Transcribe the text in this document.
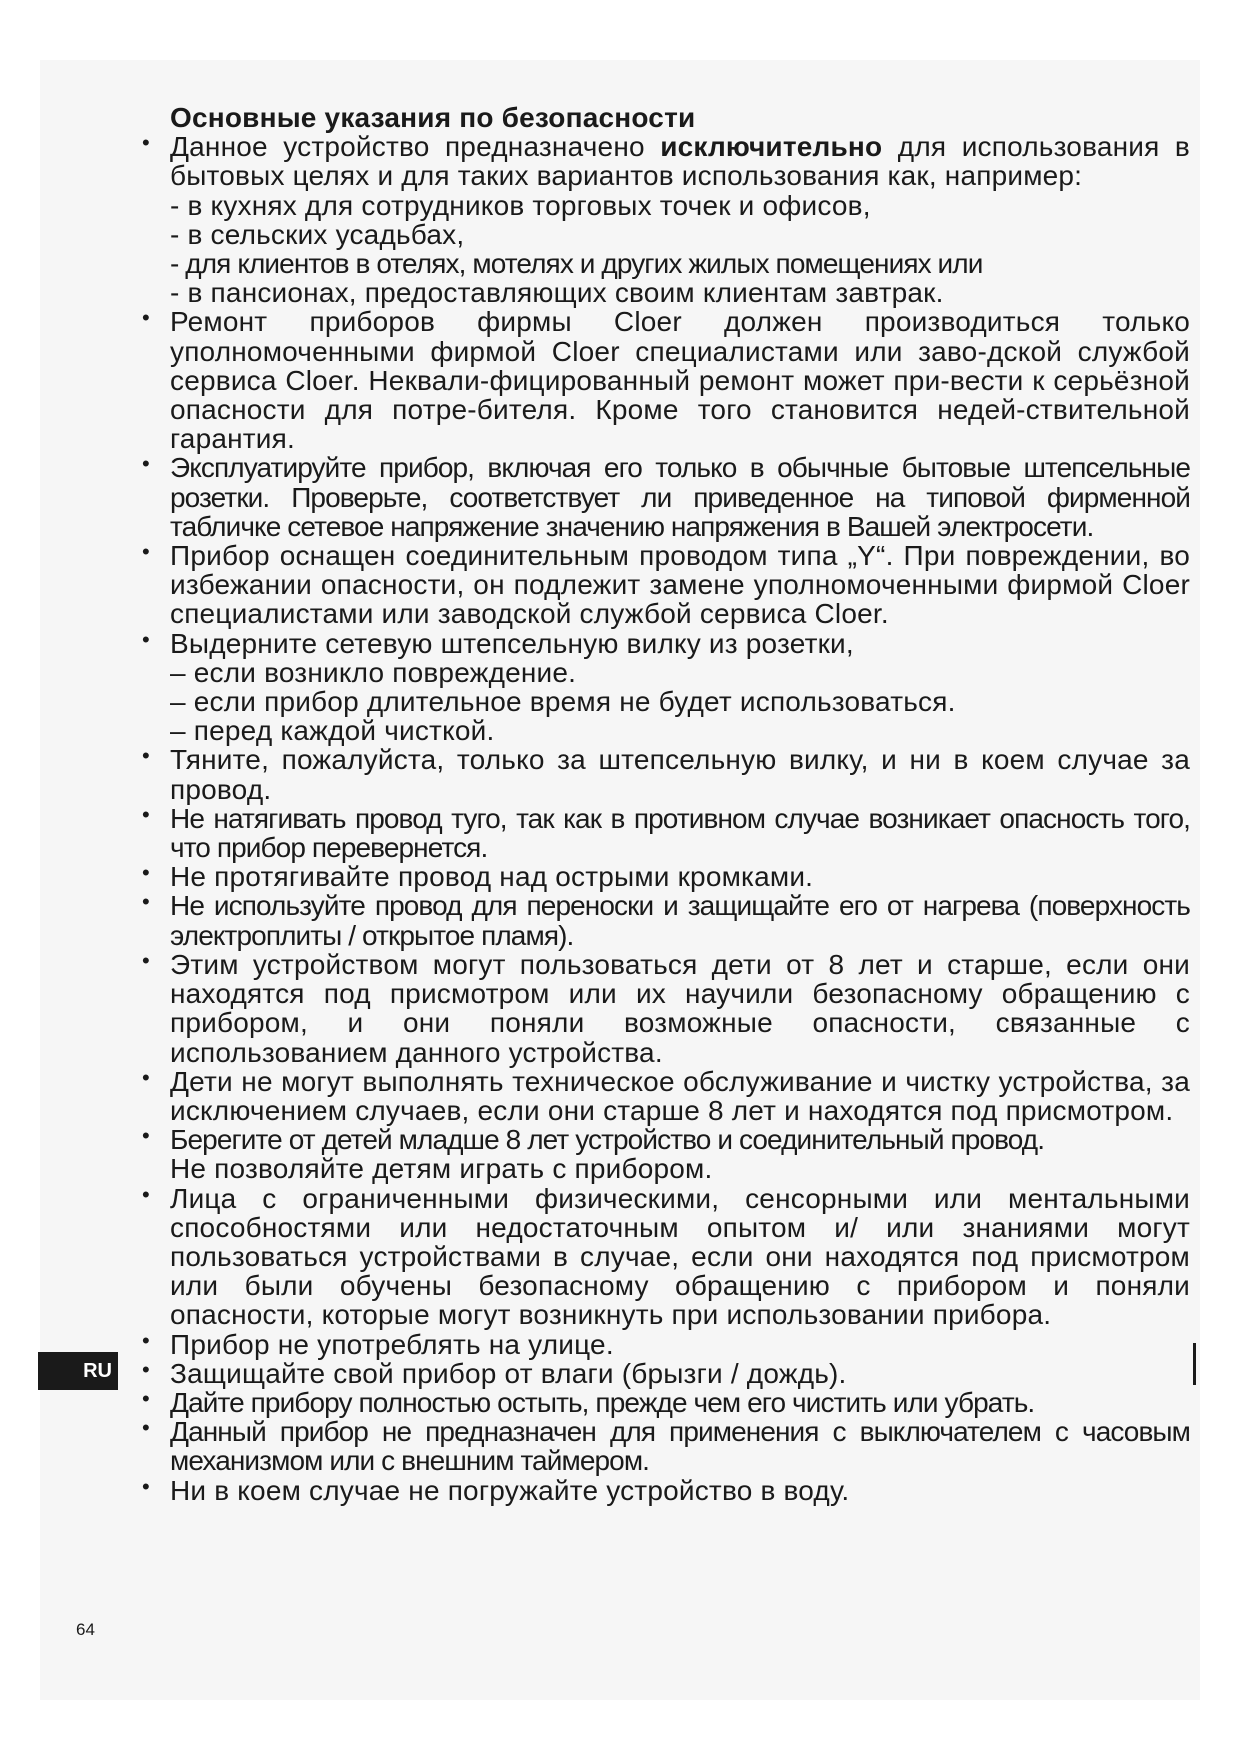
Основные указания по безопасности
• Данное устройство предназначено исключительно для использования в бытовых целях и для таких вариантов использования как, например:
- в кухнях для сотрудников торговых точек и офисов,
- в сельских усадьбах,
- для клиентов в отелях, мотелях и других жилых помещениях или
- в пансионах, предоставляющих своим клиентам завтрак.
• Ремонт приборов фирмы Cloer должен производиться только уполномоченными фирмой Cloer специалистами или заво-дской службой сервиса Cloer. Неквали-фицированный ремонт может при-вести к серьёзной опасности для потре-бителя. Кроме того становится недей-ствительной гарантия.
• Эксплуатируйте прибор, включая его только в обычные бытовые штепсельные розетки. Проверьте, соответствует ли приведенное на типовой фирменной табличке сетевое напряжение значению напряжения в Вашей электросети.
• Прибор оснащен соединительным проводом типа „Y“. При повреждении, во избежании опасности, он подлежит замене уполномоченными фирмой Cloer специалистами или заводской службой сервиса Cloer.
• Выдерните сетевую штепсельную вилку из розетки,
– если возникло повреждение.
– если прибор длительное время не будет использоваться.
– перед каждой чисткой.
• Тяните, пожалуйста, только за штепсельную вилку, и ни в коем случае за провод.
• Не натягивать провод туго, так как в противном случае возникает опасность того, что прибор перевернется.
• Не протягивайте провод над острыми кромками.
• Не используйте провод для переноски и защищайте его от нагрева (поверхность электроплиты / открытое пламя).
• Этим устройством могут пользоваться дети от 8 лет и старше, если они находятся под присмотром или их научили безопасному обращению с прибором, и они поняли возможные опасности, связанные с использованием данного устройства.
• Дети не могут выполнять техническое обслуживание и чистку устройства, за исключением случаев, если они старше 8 лет и находятся под присмотром.
• Берегите от детей младше 8 лет устройство и соединительный провод.
Не позволяйте детям играть с прибором.
• Лица с ограниченными физическими, сенсорными или ментальными способностями или недостаточным опытом и/ или знаниями могут пользоваться устройствами в случае, если они находятся под присмотром или были обучены безопасному обращению с прибором и поняли опасности, которые могут возникнуть при использовании прибора.
• Прибор не употреблять на улице.
• Защищайте свой прибор от влаги (брызги / дождь).
• Дайте прибору полностью остыть, прежде чем его чистить или убрать.
• Данный прибор не предназначен для применения с выключателем с часовым механизмом или с внешним таймером.
• Ни в коем случае не погружайте устройство в воду.
RU
64
